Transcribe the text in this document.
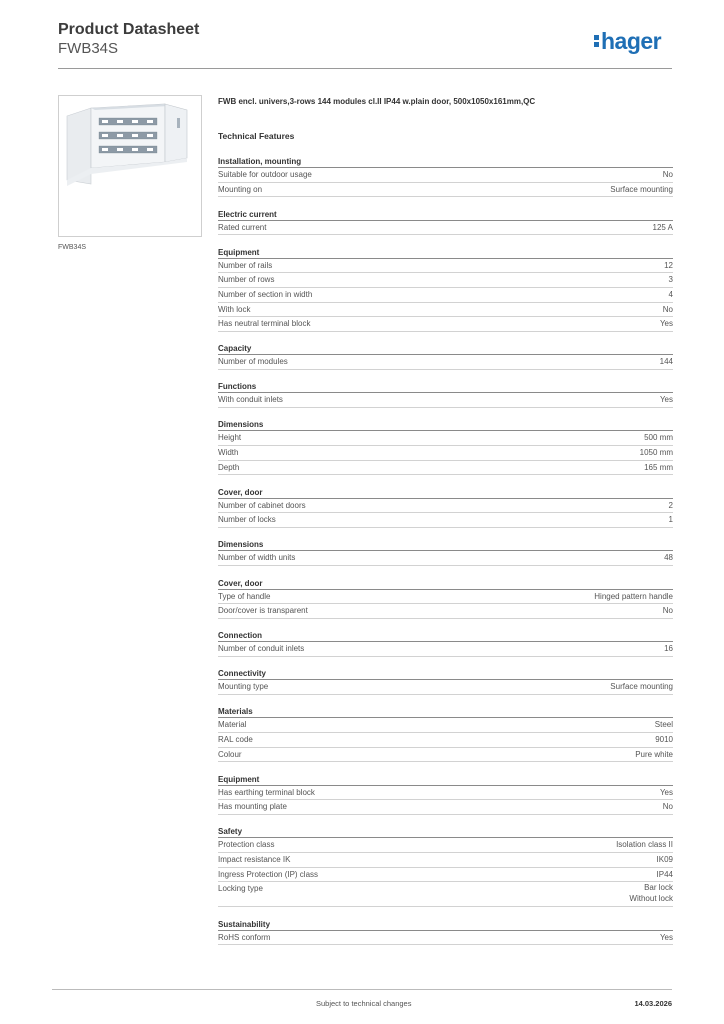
Product Datasheet
FWB34S	hager
FWB34S
FWB encl. univers,3-rows 144 modules cl.II IP44 w.plain door, 500x1050x161mm,QC
Technical Features
Installation, mounting
Suitable for outdoor usage	No
Mounting on	Surface mounting
Electric current
Rated current	125 A
Equipment
Number of rails	12
Number of rows	3
Number of section in width	4
With lock	No
Has neutral terminal block	Yes
Capacity
Number of modules	144
Functions
With conduit inlets	Yes
Dimensions
Height	500 mm
Width	1050 mm
Depth	165 mm
Cover, door
Number of cabinet doors	2
Number of locks	1
Dimensions
Number of width units	48
Cover, door
Type of handle	Hinged pattern handle
Door/cover is transparent	No
Connection
Number of conduit inlets	16
Connectivity
Mounting type	Surface mounting
Materials
Material	Steel
RAL code	9010
Colour	Pure white
Equipment
Has earthing terminal block	Yes
Has mounting plate	No
Safety
Protection class	Isolation class II
Impact resistance IK	IK09
Ingress Protection (IP) class	IP44
Locking type	Bar lock
Without lock
Sustainability
RoHS conform	Yes
Subject to technical changes	14.03.2026
